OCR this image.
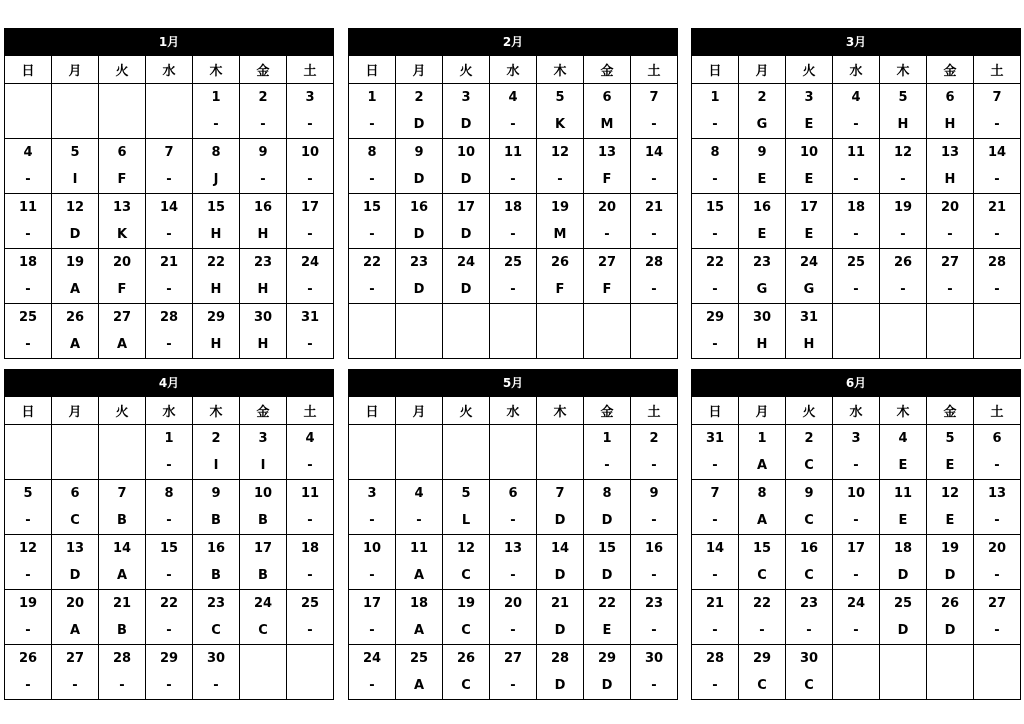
1月
日	月	火	水	木	金	土
				1	2	3
				-	-	-
4	5	6	7	8	9	10
-	I	F	-	J	-	-
11	12	13	14	15	16	17
-	D	K	-	H	H	-
18	19	20	21	22	23	24
-	A	F	-	H	H	-
25	26	27	28	29	30	31
-	A	A	-	H	H	-
2月
日	月	火	水	木	金	土
1	2	3	4	5	6	7
-	D	D	-	K	M	-
8	9	10	11	12	13	14
-	D	D	-	-	F	-
15	16	17	18	19	20	21
-	D	D	-	M	-	-
22	23	24	25	26	27	28
-	D	D	-	F	F	-

3月
日	月	火	水	木	金	土
1	2	3	4	5	6	7
-	G	E	-	H	H	-
8	9	10	11	12	13	14
-	E	E	-	-	H	-
15	16	17	18	19	20	21
-	E	E	-	-	-	-
22	23	24	25	26	27	28
-	G	G	-	-	-	-
29	30	31				
-	H	H				
4月
日	月	火	水	木	金	土
			1	2	3	4
			-	I	I	-
5	6	7	8	9	10	11
-	C	B	-	B	B	-
12	13	14	15	16	17	18
-	D	A	-	B	B	-
19	20	21	22	23	24	25
-	A	B	-	C	C	-
26	27	28	29	30		
-	-	-	-	-		
5月
日	月	火	水	木	金	土
					1	2
					-	-
3	4	5	6	7	8	9
-	-	L	-	D	D	-
10	11	12	13	14	15	16
-	A	C	-	D	D	-
17	18	19	20	21	22	23
-	A	C	-	D	E	-
24	25	26	27	28	29	30
-	A	C	-	D	D	-
6月
日	月	火	水	木	金	土
31	1	2	3	4	5	6
-	A	C	-	E	E	-
7	8	9	10	11	12	13
-	A	C	-	E	E	-
14	15	16	17	18	19	20
-	C	C	-	D	D	-
21	22	23	24	25	26	27
-	-	-	-	D	D	-
28	29	30				
-	C	C				
